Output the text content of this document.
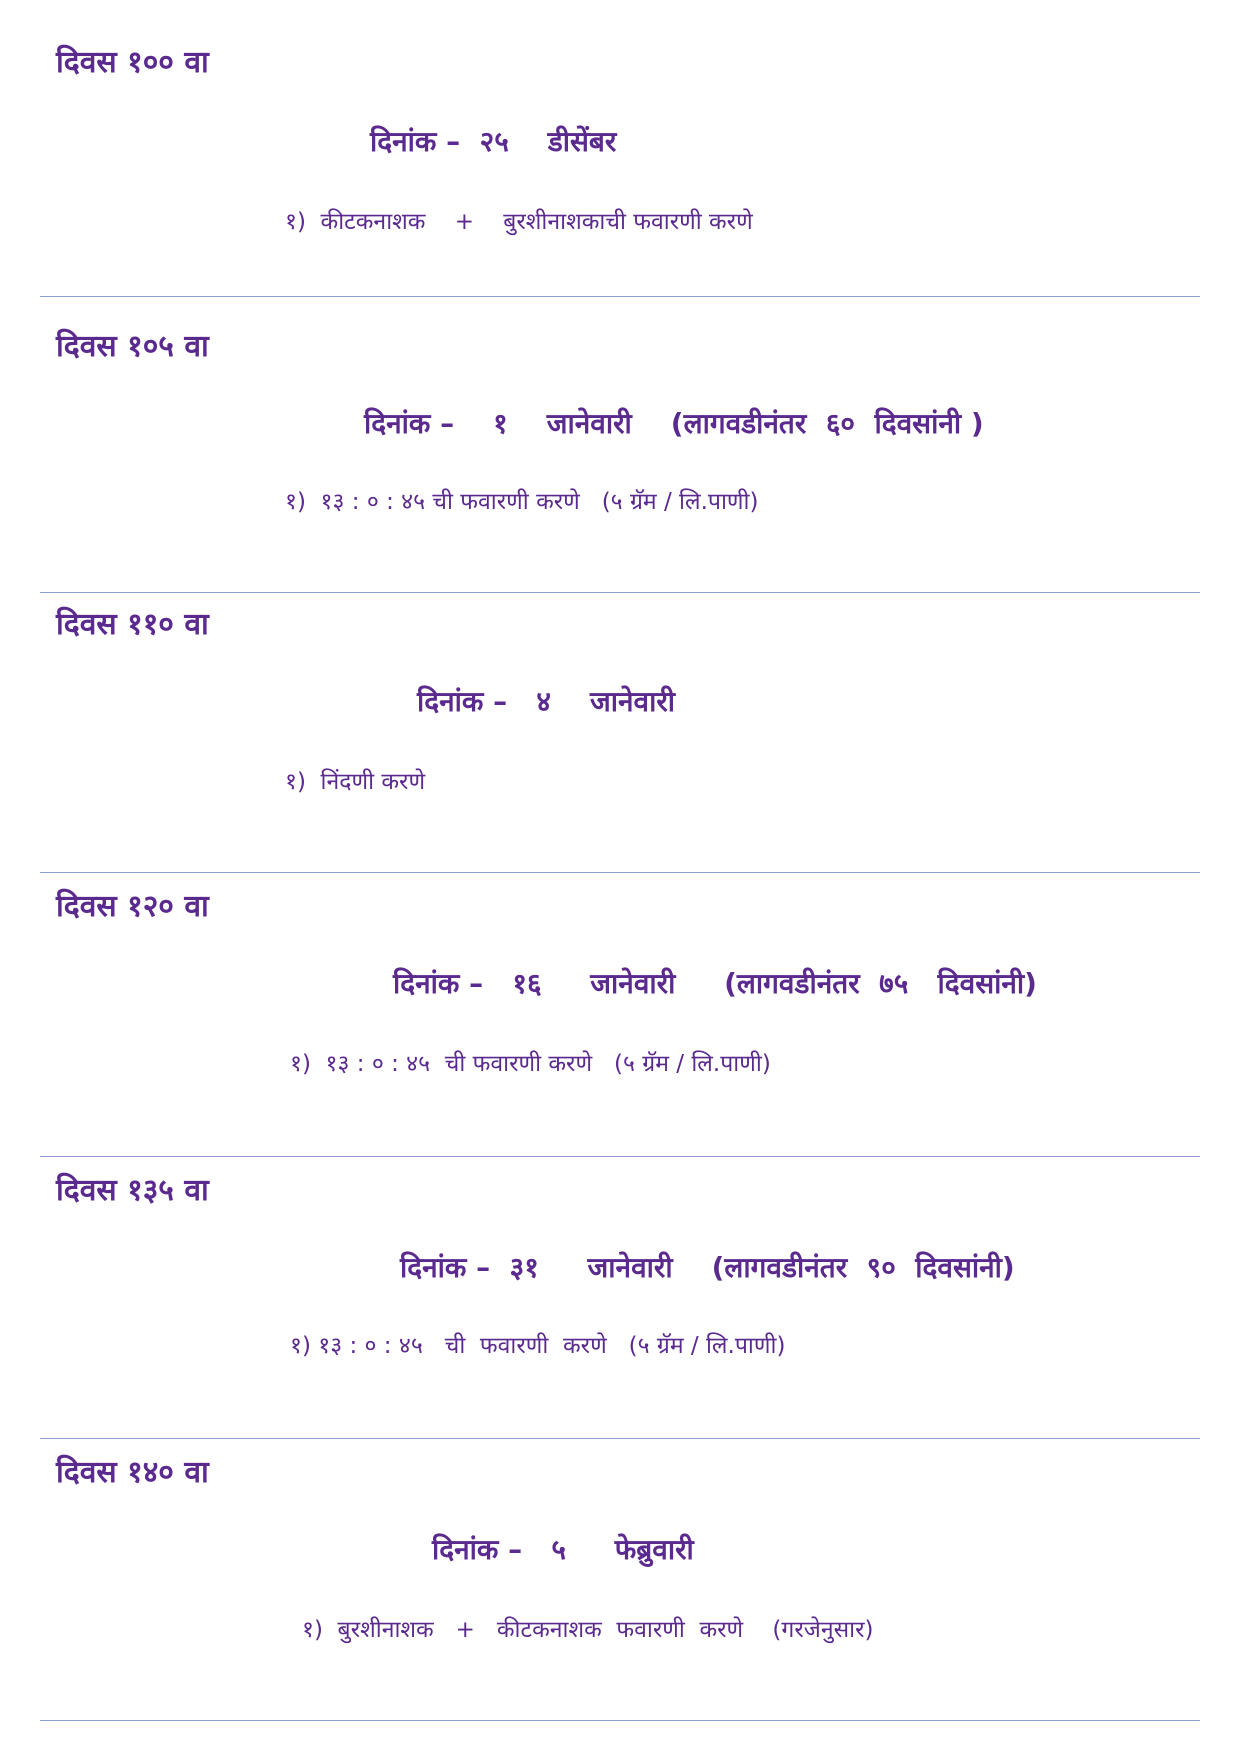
दिवस १०० वा
दिनांक –  २५    डीसेंबर
१)  कीटकनाशक    +    बुरशीनाशकाची फवारणी करणे
दिवस १०५ वा
दिनांक –    १    जानेवारी    (लागवडीनंतर  ६०  दिवसांनी )
१)  १३ : ० : ४५ ची फवारणी करणे   (५ ग्रॅम / लि.पाणी)
दिवस ११० वा
दिनांक –   ४    जानेवारी
१)  निंदणी करणे
दिवस १२० वा
दिनांक –   १६     जानेवारी     (लागवडीनंतर  ७५   दिवसांनी)
१)  १३ : ० : ४५  ची फवारणी करणे   (५ ग्रॅम / लि.पाणी)
दिवस १३५ वा
दिनांक –  ३१     जानेवारी    (लागवडीनंतर  ९०  दिवसांनी)
१) १३ : ० : ४५   ची  फवारणी  करणे   (५ ग्रॅम / लि.पाणी)
दिवस १४० वा
दिनांक –   ५     फेब्रुवारी
१)  बुरशीनाशक   +   कीटकनाशक  फवारणी  करणे    (गरजेनुसार)
